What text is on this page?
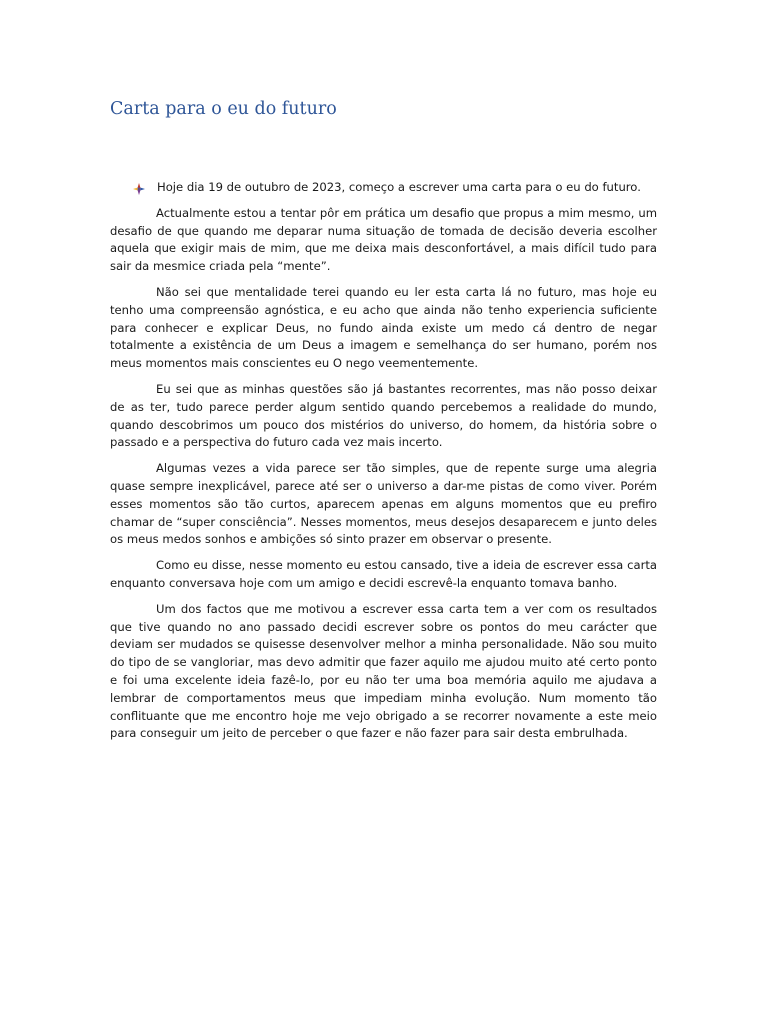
Carta para o eu do futuro

Hoje dia 19 de outubro de 2023, começo a escrever uma carta para o eu do futuro.

Actualmente estou a tentar pôr em prática um desafio que propus a mim mesmo, um desafio de que quando me deparar numa situação de tomada de decisão deveria escolher aquela que exigir mais de mim, que me deixa mais desconfortável, a mais difícil tudo para sair da mesmice criada pela “mente”.

Não sei que mentalidade terei quando eu ler esta carta lá no futuro, mas hoje eu tenho uma compreensão agnóstica, e eu acho que ainda não tenho experiencia suficiente para conhecer e explicar Deus, no fundo ainda existe um medo cá dentro de negar totalmente a existência de um Deus a imagem e semelhança do ser humano, porém nos meus momentos mais conscientes eu O nego veementemente.

Eu sei que as minhas questões são já bastantes recorrentes, mas não posso deixar de as ter, tudo parece perder algum sentido quando percebemos a realidade do mundo, quando descobrimos um pouco dos mistérios do universo, do homem, da história sobre o passado e a perspectiva do futuro cada vez mais incerto.

Algumas vezes a vida parece ser tão simples, que de repente surge uma alegria quase sempre inexplicável, parece até ser o universo a dar-me pistas de como viver. Porém esses momentos são tão curtos, aparecem apenas em alguns momentos que eu prefiro chamar de “super consciência”. Nesses momentos, meus desejos desaparecem e junto deles os meus medos sonhos e ambições só sinto prazer em observar o presente.

Como eu disse, nesse momento eu estou cansado, tive a ideia de escrever essa carta enquanto conversava hoje com um amigo e decidi escrevê-la enquanto tomava banho.

Um dos factos que me motivou a escrever essa carta tem a ver com os resultados que tive quando no ano passado decidi escrever sobre os pontos do meu carácter que deviam ser mudados se quisesse desenvolver melhor a minha personalidade. Não sou muito do tipo de se vangloriar, mas devo admitir que fazer aquilo me ajudou muito até certo ponto e foi uma excelente ideia fazê-lo, por eu não ter uma boa memória aquilo me ajudava a lembrar de comportamentos meus que impediam minha evolução. Num momento tão conflituante que me encontro hoje me vejo obrigado a se recorrer novamente a este meio para conseguir um jeito de perceber o que fazer e não fazer para sair desta embrulhada.
